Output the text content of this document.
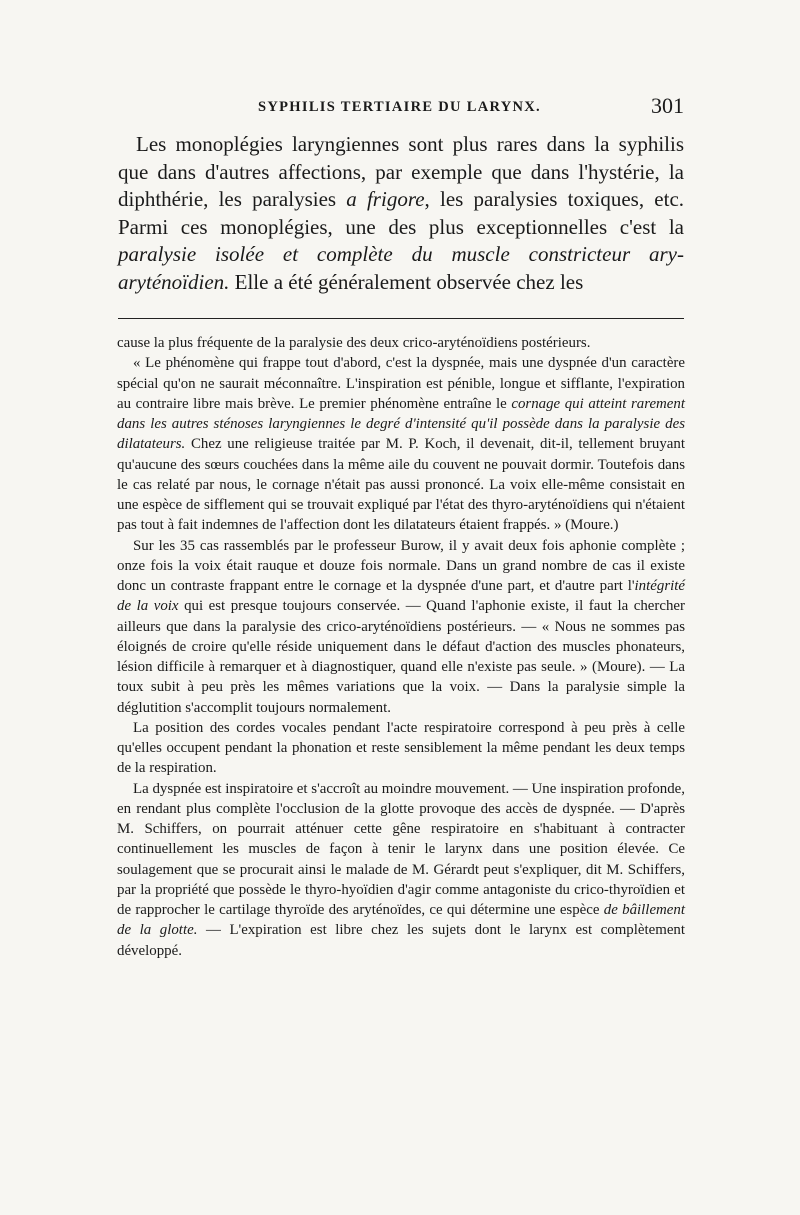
SYPHILIS TERTIAIRE DU LARYNX.	301

Les monoplégies laryngiennes sont plus rares dans la syphilis que dans d'autres affections, par exemple que dans l'hystérie, la diphthérie, les paralysies a frigore, les paralysies toxiques, etc. Parmi ces monoplégies, une des plus exceptionnelles c'est la paralysie isolée et complète du muscle constricteur ary-aryténoïdien. Elle a été généralement observée chez les

cause la plus fréquente de la paralysie des deux crico-aryténoïdiens postérieurs.

« Le phénomène qui frappe tout d'abord, c'est la dyspnée, mais une dyspnée d'un caractère spécial qu'on ne saurait méconnaître. L'inspiration est pénible, longue et sifflante, l'expiration au contraire libre mais brève. Le premier phénomène entraîne le cornage qui atteint rarement dans les autres sténoses laryngiennes le degré d'intensité qu'il possède dans la paralysie des dilatateurs. Chez une religieuse traitée par M. P. Koch, il devenait, dit-il, tellement bruyant qu'aucune des sœurs couchées dans la même aile du couvent ne pouvait dormir. Toutefois dans le cas relaté par nous, le cornage n'était pas aussi prononcé. La voix elle-même consistait en une espèce de sifflement qui se trouvait expliqué par l'état des thyro-aryténoïdiens qui n'étaient pas tout à fait indemnes de l'affection dont les dilatateurs étaient frappés. » (Moure.)

Sur les 35 cas rassemblés par le professeur Burow, il y avait deux fois aphonie complète ; onze fois la voix était rauque et douze fois normale. Dans un grand nombre de cas il existe donc un contraste frappant entre le cornage et la dyspnée d'une part, et d'autre part l'intégrité de la voix qui est presque toujours conservée. — Quand l'aphonie existe, il faut la chercher ailleurs que dans la paralysie des crico-aryténoïdiens postérieurs. — « Nous ne sommes pas éloignés de croire qu'elle réside uniquement dans le défaut d'action des muscles phonateurs, lésion difficile à remarquer et à diagnostiquer, quand elle n'existe pas seule. » (Moure). — La toux subit à peu près les mêmes variations que la voix. — Dans la paralysie simple la déglutition s'accomplit toujours normalement.

La position des cordes vocales pendant l'acte respiratoire correspond à peu près à celle qu'elles occupent pendant la phonation et reste sensiblement la même pendant les deux temps de la respiration.

La dyspnée est inspiratoire et s'accroît au moindre mouvement. — Une inspiration profonde, en rendant plus complète l'occlusion de la glotte provoque des accès de dyspnée. — D'après M. Schiffers, on pourrait atténuer cette gêne respiratoire en s'habituant à contracter continuellement les muscles de façon à tenir le larynx dans une position élevée. Ce soulagement que se procurait ainsi le malade de M. Gérardt peut s'expliquer, dit M. Schiffers, par la propriété que possède le thyro-hyoïdien d'agir comme antagoniste du crico-thyroïdien et de rapprocher le cartilage thyroïde des aryténoïdes, ce qui détermine une espèce de bâillement de la glotte. — L'expiration est libre chez les sujets dont le larynx est complètement développé.
